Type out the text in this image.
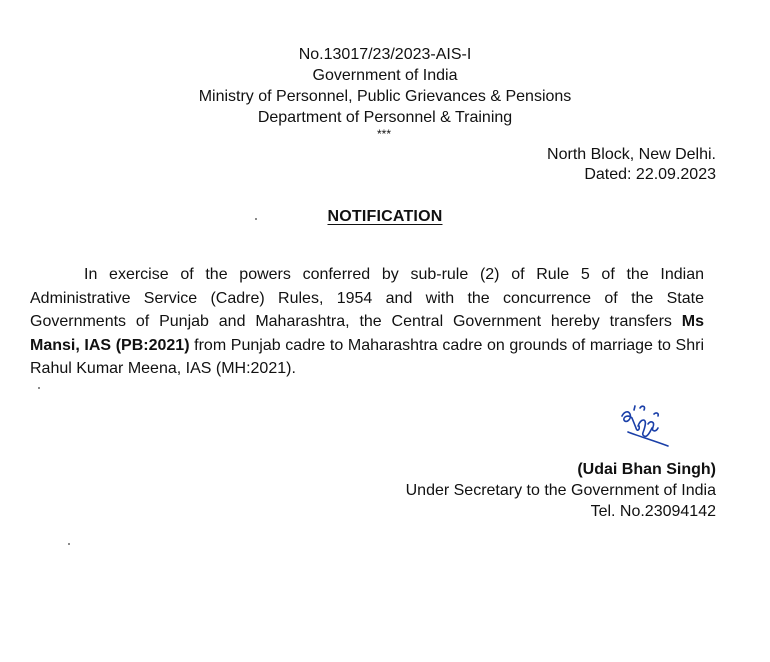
No.13017/23/2023-AIS-I
Government of India
Ministry of Personnel, Public Grievances & Pensions
Department of Personnel & Training
***
North Block, New Delhi.
Dated: 22.09.2023
NOTIFICATION
In exercise of the powers conferred by sub-rule (2) of Rule 5 of the Indian Administrative Service (Cadre) Rules, 1954 and with the concurrence of the State Governments of Punjab and Maharashtra, the Central Government hereby transfers Ms Mansi, IAS (PB:2021) from Punjab cadre to Maharashtra cadre on grounds of marriage to Shri Rahul Kumar Meena, IAS (MH:2021).
(Udai Bhan Singh)
Under Secretary to the Government of India
Tel. No.23094142
